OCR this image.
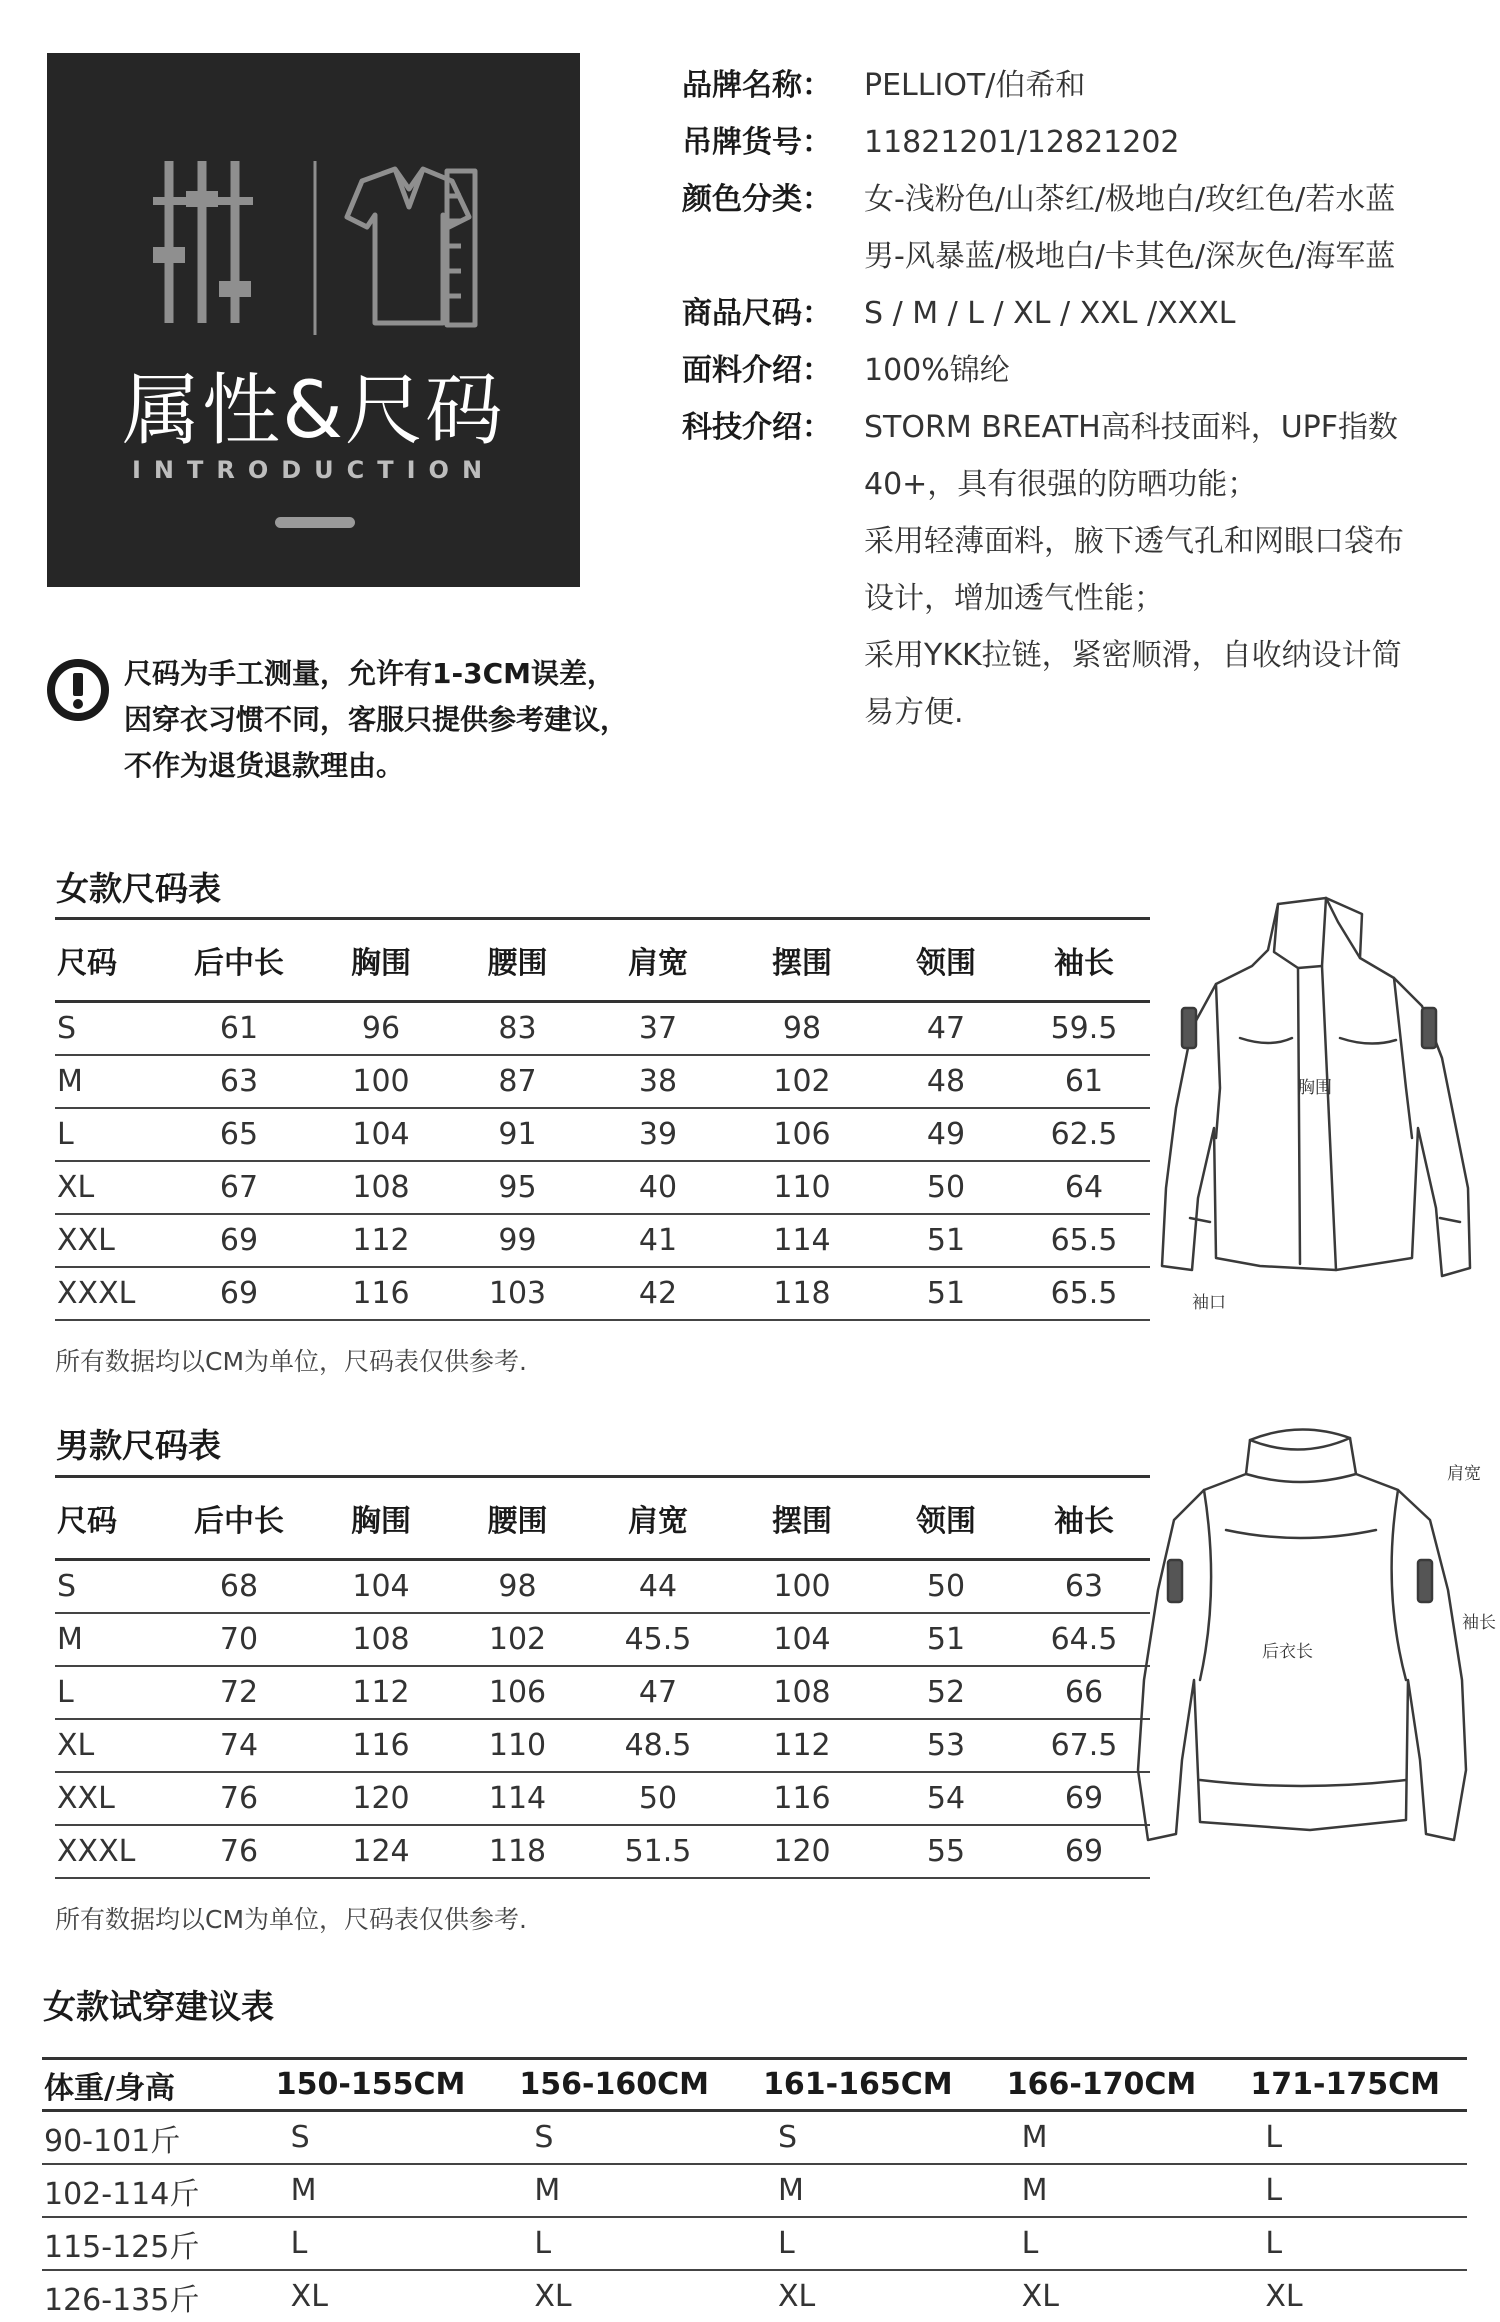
属性&尺码
INTRODUCTION
品牌名称：	PELLIOT/伯希和
吊牌货号：	11821201/12821202
颜色分类：	女-浅粉色/山茶红/极地白/玫红色/若水蓝
男-风暴蓝/极地白/卡其色/深灰色/海军蓝
商品尺码：	S / M / L / XL / XXL /XXXL
面料介绍：	100%锦纶
科技介绍：	STORM BREATH高科技面料，UPF指数
40+，具有很强的防晒功能；
采用轻薄面料，腋下透气孔和网眼口袋布
设计，增加透气性能；
采用YKK拉链，紧密顺滑，自收纳设计简
易方便.
尺码为手工测量，允许有1-3CM误差，
因穿衣习惯不同，客服只提供参考建议，
不作为退货退款理由。
女款尺码表
尺码	后中长	胸围	腰围	肩宽	摆围	领围	袖长
S	61	96	83	37	98	47	59.5
M	63	100	87	38	102	48	61
L	65	104	91	39	106	49	62.5
XL	67	108	95	40	110	50	64
XXL	69	112	99	41	114	51	65.5
XXXL	69	116	103	42	118	51	65.5
所有数据均以CM为单位，尺码表仅供参考.
胸围
袖口
男款尺码表
尺码	后中长	胸围	腰围	肩宽	摆围	领围	袖长
S	68	104	98	44	100	50	63
M	70	108	102	45.5	104	51	64.5
L	72	112	106	47	108	52	66
XL	74	116	110	48.5	112	53	67.5
XXL	76	120	114	50	116	54	69
XXXL	76	124	118	51.5	120	55	69
所有数据均以CM为单位，尺码表仅供参考.
肩宽
袖长
后衣长
女款试穿建议表
体重/身高	150-155CM	156-160CM	161-165CM	166-170CM	171-175CM
90-101斤	S	S	S	M	L
102-114斤	M	M	M	M	L
115-125斤	L	L	L	L	L
126-135斤	XL	XL	XL	XL	XL
